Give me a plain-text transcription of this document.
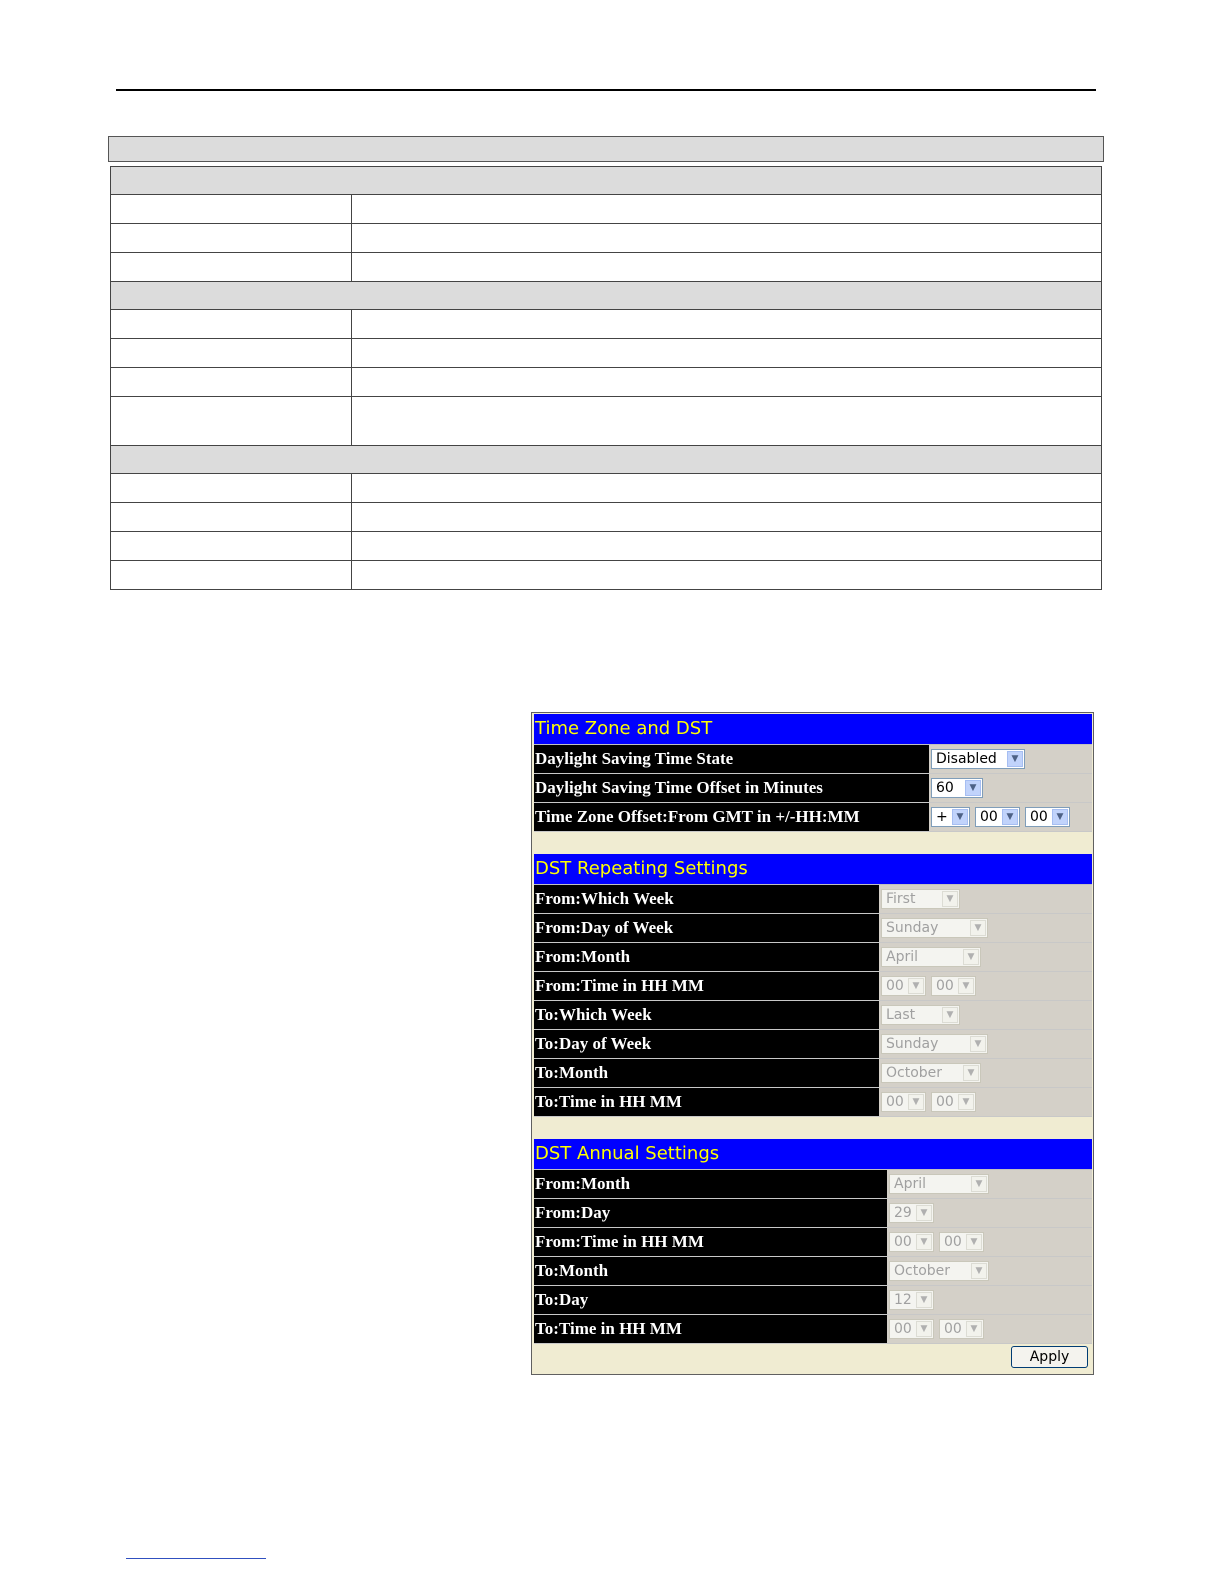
Time Zone and DST
Daylight Saving Time State	Disabled	▼
Daylight Saving Time Offset in Minutes	60	▼
Time Zone Offset:From GMT in +/-HH:MM	+ ▼	00 ▼	00 ▼
DST Repeating Settings
From:Which Week	First	▼
From:Day of Week	Sunday	▼
From:Month	April	▼
From:Time in HH MM	00 ▼	00 ▼
To:Which Week	Last	▼
To:Day of Week	Sunday	▼
To:Month	October	▼
To:Time in HH MM	00 ▼	00 ▼
DST Annual Settings
From:Month	April	▼
From:Day	29 ▼
From:Time in HH MM	00 ▼	00 ▼
To:Month	October	▼
To:Day	12 ▼
To:Time in HH MM	00 ▼	00 ▼
Apply
